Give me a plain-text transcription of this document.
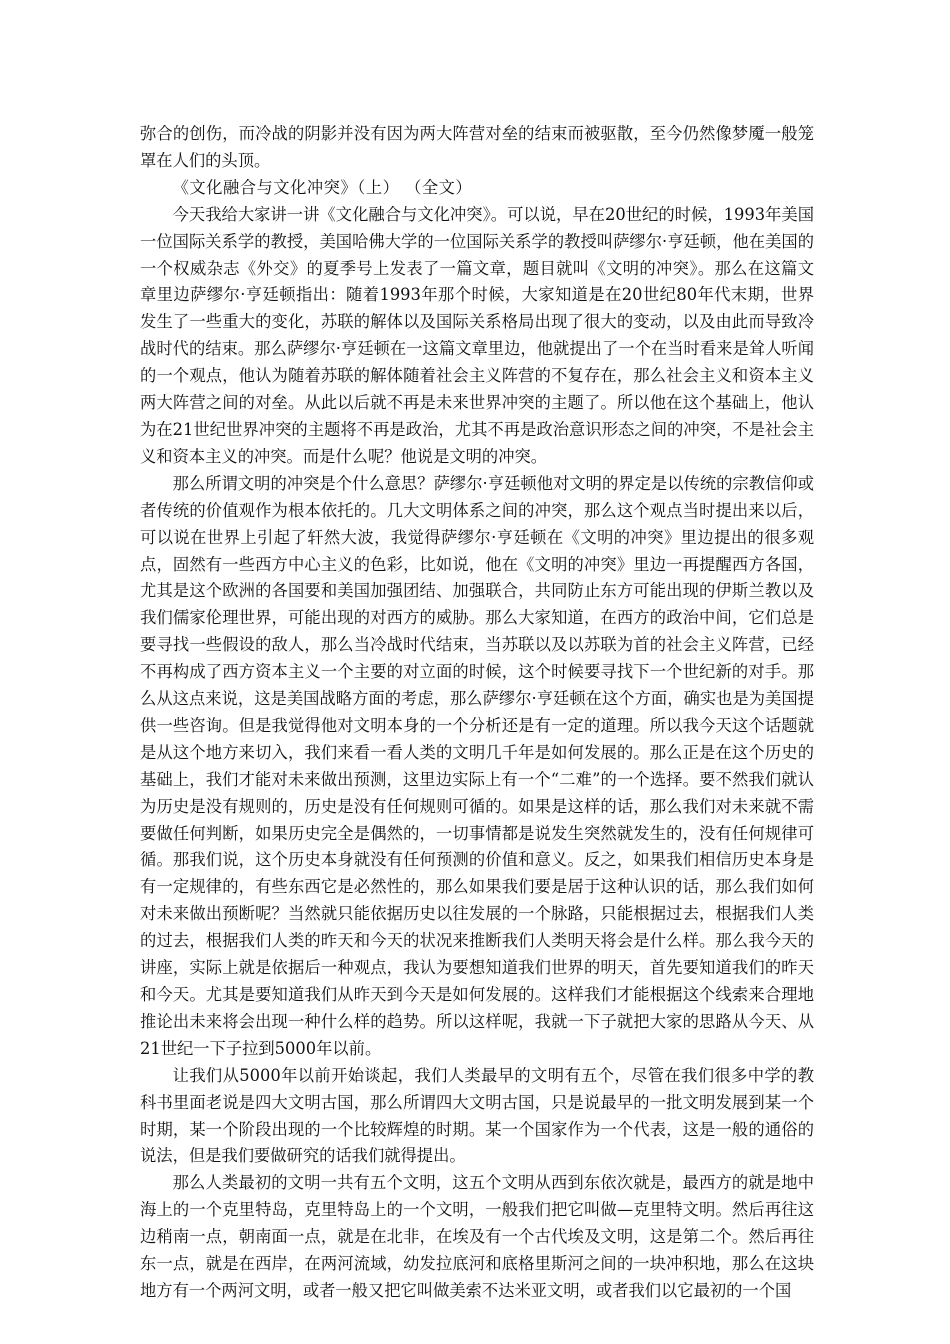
弥合的创伤，而冷战的阴影并没有因为两大阵营对垒的结束而被驱散，至今仍然像梦魇一般笼罩在人们的头顶。

《文化融合与文化冲突》（上） （全文）

今天我给大家讲一讲《文化融合与文化冲突》。可以说，早在20世纪的时候，1993年美国一位国际关系学的教授，美国哈佛大学的一位国际关系学的教授叫萨缪尔·亨廷顿，他在美国的一个权威杂志《外交》的夏季号上发表了一篇文章，题目就叫《文明的冲突》。那么在这篇文章里边萨缪尔·亨廷顿指出：随着1993年那个时候，大家知道是在20世纪80年代末期，世界发生了一些重大的变化，苏联的解体以及国际关系格局出现了很大的变动，以及由此而导致冷战时代的结束。那么萨缪尔·亨廷顿在一这篇文章里边，他就提出了一个在当时看来是耸人听闻的一个观点，他认为随着苏联的解体随着社会主义阵营的不复存在，那么社会主义和资本主义两大阵营之间的对垒。从此以后就不再是未来世界冲突的主题了。所以他在这个基础上，他认为在21世纪世界冲突的主题将不再是政治，尤其不再是政治意识形态之间的冲突，不是社会主义和资本主义的冲突。而是什么呢？他说是文明的冲突。

那么所谓文明的冲突是个什么意思？萨缪尔·亨廷顿他对文明的界定是以传统的宗教信仰或者传统的价值观作为根本依托的。几大文明体系之间的冲突，那么这个观点当时提出来以后，可以说在世界上引起了轩然大波，我觉得萨缪尔·亨廷顿在《文明的冲突》里边提出的很多观点，固然有一些西方中心主义的色彩，比如说，他在《文明的冲突》里边一再提醒西方各国，尤其是这个欧洲的各国要和美国加强团结、加强联合，共同防止东方可能出现的伊斯兰教以及我们儒家伦理世界，可能出现的对西方的威胁。那么大家知道，在西方的政治中间，它们总是要寻找一些假设的敌人，那么当冷战时代结束，当苏联以及以苏联为首的社会主义阵营，已经不再构成了西方资本主义一个主要的对立面的时候，这个时候要寻找下一个世纪新的对手。那么从这点来说，这是美国战略方面的考虑，那么萨缪尔·亨廷顿在这个方面，确实也是为美国提供一些咨询。但是我觉得他对文明本身的一个分析还是有一定的道理。所以我今天这个话题就是从这个地方来切入，我们来看一看人类的文明几千年是如何发展的。那么正是在这个历史的基础上，我们才能对未来做出预测，这里边实际上有一个“二难”的一个选择。要不然我们就认为历史是没有规则的，历史是没有任何规则可循的。如果是这样的话，那么我们对未来就不需要做任何判断，如果历史完全是偶然的，一切事情都是说发生突然就发生的，没有任何规律可循。那我们说，这个历史本身就没有任何预测的价值和意义。反之，如果我们相信历史本身是有一定规律的，有些东西它是必然性的，那么如果我们要是居于这种认识的话，那么我们如何对未来做出预断呢？当然就只能依据历史以往发展的一个脉路，只能根据过去，根据我们人类的过去，根据我们人类的昨天和今天的状况来推断我们人类明天将会是什么样。那么我今天的讲座，实际上就是依据后一种观点，我认为要想知道我们世界的明天，首先要知道我们的昨天和今天。尤其是要知道我们从昨天到今天是如何发展的。这样我们才能根据这个线索来合理地推论出未来将会出现一种什么样的趋势。所以这样呢，我就一下子就把大家的思路从今天、从21世纪一下子拉到5000年以前。

让我们从5000年以前开始谈起，我们人类最早的文明有五个，尽管在我们很多中学的教科书里面老说是四大文明古国，那么所谓四大文明古国，只是说最早的一批文明发展到某一个时期，某一个阶段出现的一个比较辉煌的时期。某一个国家作为一个代表，这是一般的通俗的说法，但是我们要做研究的话我们就得提出。

那么人类最初的文明一共有五个文明，这五个文明从西到东依次就是，最西方的就是地中海上的一个克里特岛，克里特岛上的一个文明，一般我们把它叫做—克里特文明。然后再往这边稍南一点，朝南面一点，就是在北非，在埃及有一个古代埃及文明，这是第二个。然后再往东一点，就是在西岸，在两河流域，幼发拉底河和底格里斯河之间的一块冲积地，那么在这块地方有一个两河文明，或者一般又把它叫做美索不达米亚文明，或者我们以它最初的一个国
